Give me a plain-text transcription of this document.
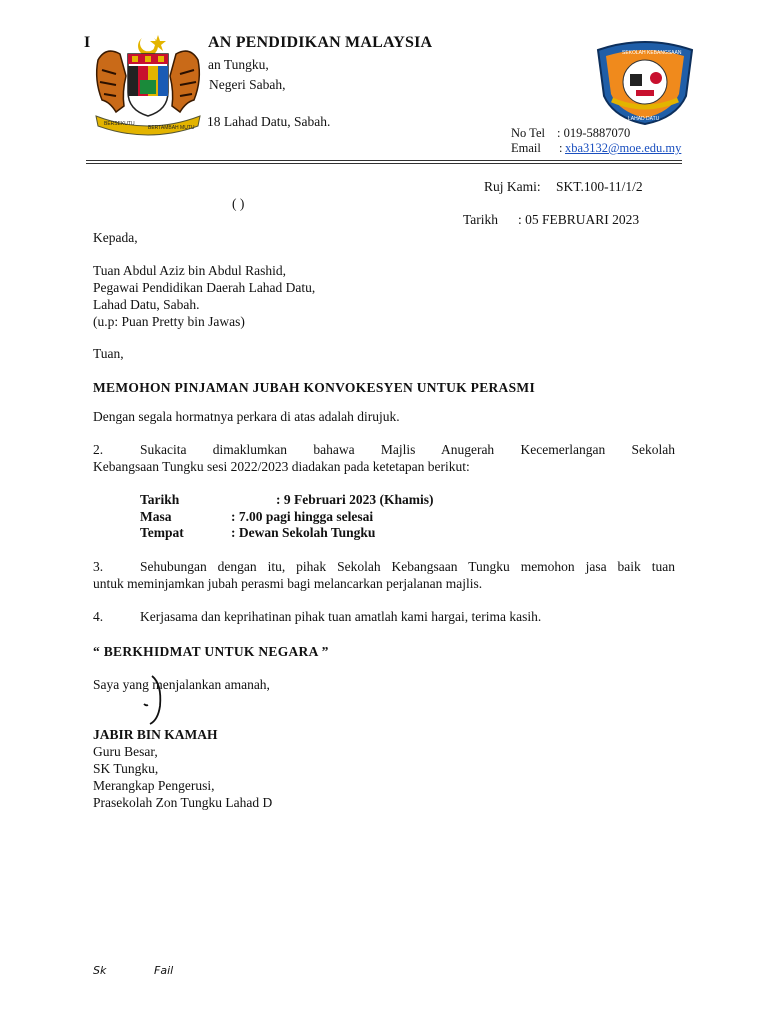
I	AN PENDIDIKAN MALAYSIA
an Tungku,
Negeri Sabah,
18 Lahad Datu, Sabah.
BERSEKUTU
BERTAMBAH MUTU
SEKOLAH KEBANGSAAN
LAHAD DATU
No Tel : 019-5887070
Email : xba3132@moe.edu.my
Ruj Kami: SKT.100-11/1/2
( )
Tarikh : 05 FEBRUARI 2023
Kepada,
Tuan Abdul Aziz bin Abdul Rashid,
Pegawai Pendidikan Daerah Lahad Datu,
Lahad Datu, Sabah.
(u.p: Puan Pretty bin Jawas)
Tuan,
MEMOHON PINJAMAN JUBAH KONVOKESYEN UNTUK PERASMI
Dengan segala hormatnya perkara di atas adalah dirujuk.
2.	Sukacita dimaklumkan bahawa Majlis Anugerah Kecemerlangan Sekolah
Kebangsaan Tungku sesi 2022/2023 diadakan pada ketetapan berikut:
Tarikh	: 9 Februari 2023 (Khamis)
Masa	: 7.00 pagi hingga selesai
Tempat	: Dewan Sekolah Tungku
3.	Sehubungan dengan itu, pihak Sekolah Kebangsaan Tungku memohon jasa baik tuan
untuk meminjamkan jubah perasmi bagi melancarkan perjalanan majlis.
4.	Kerjasama dan keprihatinan pihak tuan amatlah kami hargai, terima kasih.
“ BERKHIDMAT UNTUK NEGARA ”
Saya yang menjalankan amanah,
JABIR BIN KAMAH
Guru Besar,
SK Tungku,
Merangkap Pengerusi,
Prasekolah Zon Tungku Lahad D
Sk	Fail
